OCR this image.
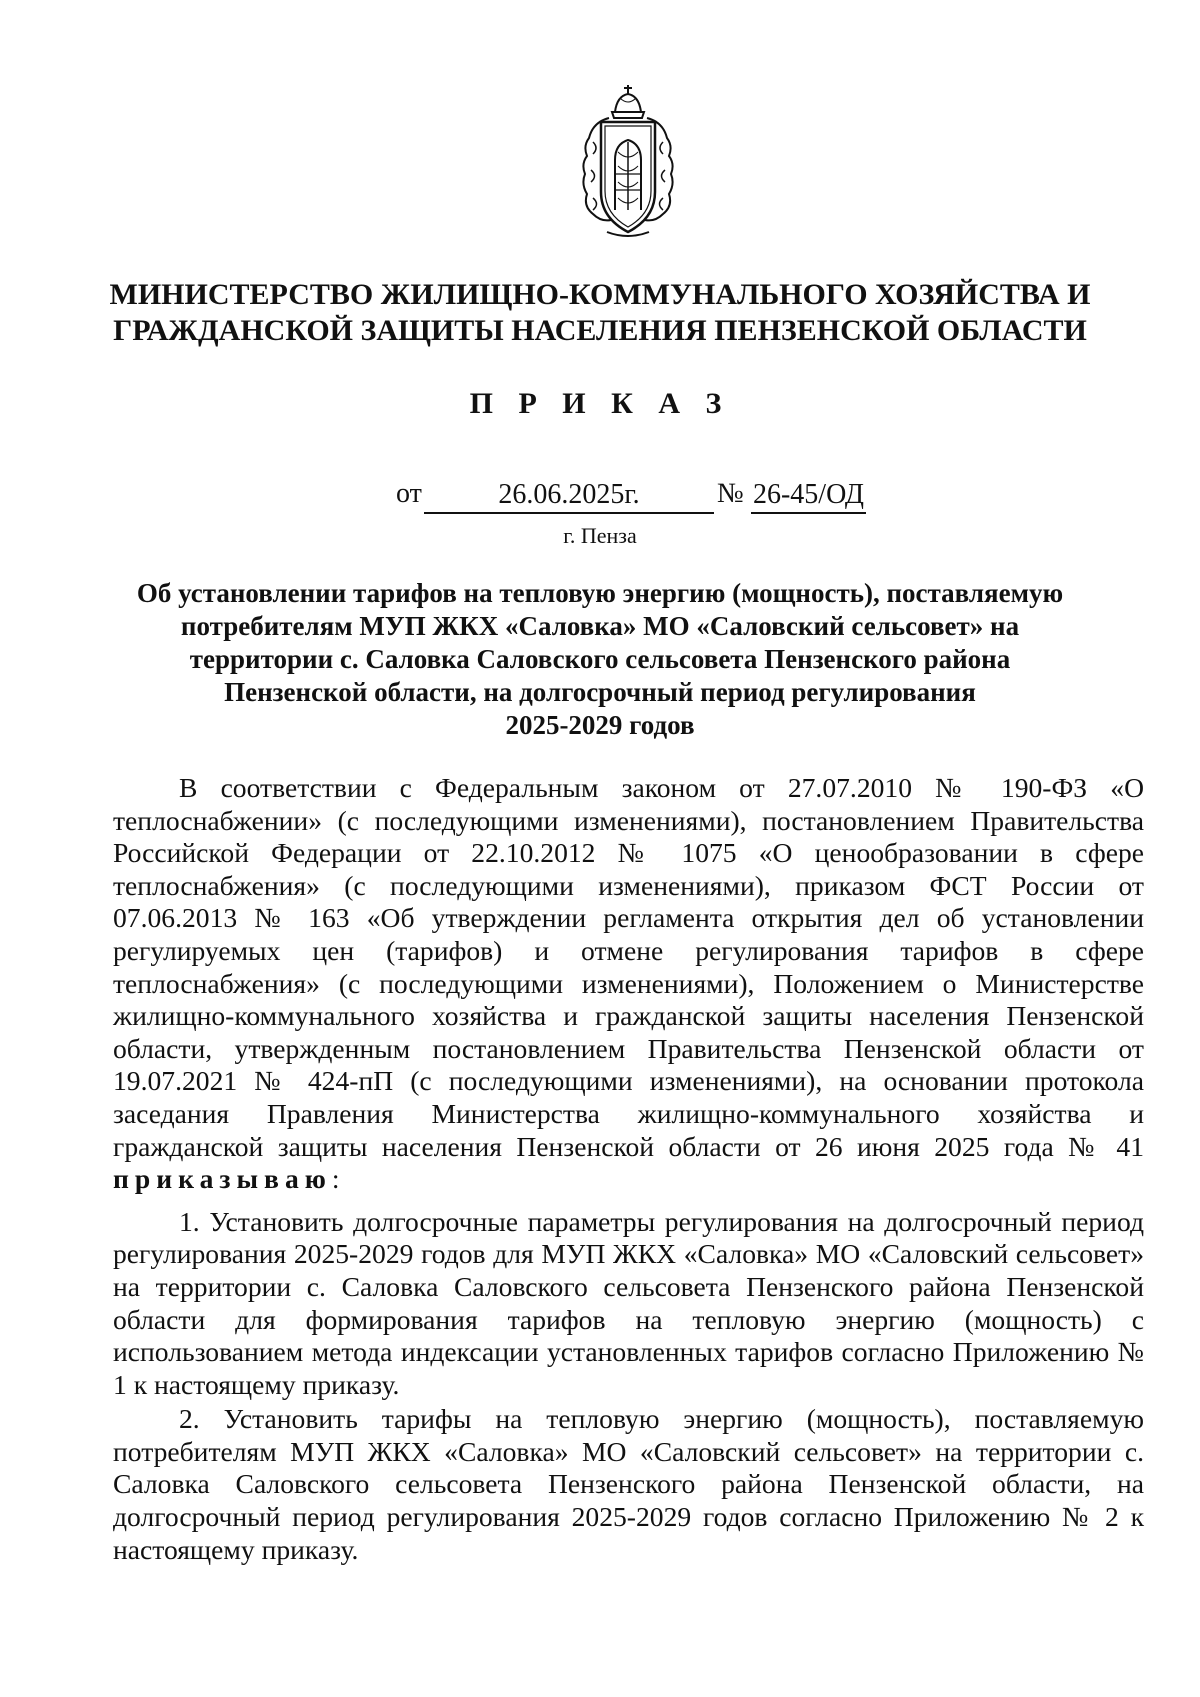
МИНИСТЕРСТВО ЖИЛИЩНО-КОММУНАЛЬНОГО ХОЗЯЙСТВА И
ГРАЖДАНСКОЙ ЗАЩИТЫ НАСЕЛЕНИЯ ПЕНЗЕНСКОЙ ОБЛАСТИ

П Р И К А З

от	26.06.2025г.	№ 26-45/ОД

г. Пенза

Об установлении тарифов на тепловую энергию (мощность), поставляемую
потребителям МУП ЖКХ «Саловка» МО «Саловский сельсовет» на
территории с. Саловка Саловского сельсовета Пензенского района
Пензенской области, на долгосрочный период регулирования
2025-2029 годов

В соответствии с Федеральным законом от 27.07.2010 № 190-ФЗ «О теплоснабжении» (с последующими изменениями), постановлением Правительства Российской Федерации от 22.10.2012 № 1075 «О ценообразовании в сфере теплоснабжения» (с последующими изменениями), приказом ФСТ России от 07.06.2013 № 163 «Об утверждении регламента открытия дел об установлении регулируемых цен (тарифов) и отмене регулирования тарифов в сфере теплоснабжения» (с последующими изменениями), Положением о Министерстве жилищно-коммунального хозяйства и гражданской защиты населения Пензенской области, утвержденным постановлением Правительства Пензенской области от 19.07.2021 № 424-пП (с последующими изменениями), на основании протокола заседания Правления Министерства жилищно-коммунального хозяйства и гражданской защиты населения Пензенской области от 26 июня 2025 года № 41 приказываю:

1. Установить долгосрочные параметры регулирования на долгосрочный период регулирования 2025-2029 годов для МУП ЖКХ «Саловка» МО «Саловский сельсовет» на территории с. Саловка Саловского сельсовета Пензенского района Пензенской области для формирования тарифов на тепловую энергию (мощность) с использованием метода индексации установленных тарифов согласно Приложению № 1 к настоящему приказу.

2. Установить тарифы на тепловую энергию (мощность), поставляемую потребителям МУП ЖКХ «Саловка» МО «Саловский сельсовет» на территории с. Саловка Саловского сельсовета Пензенского района Пензенской области, на долгосрочный период регулирования 2025-2029 годов согласно Приложению № 2 к настоящему приказу.
